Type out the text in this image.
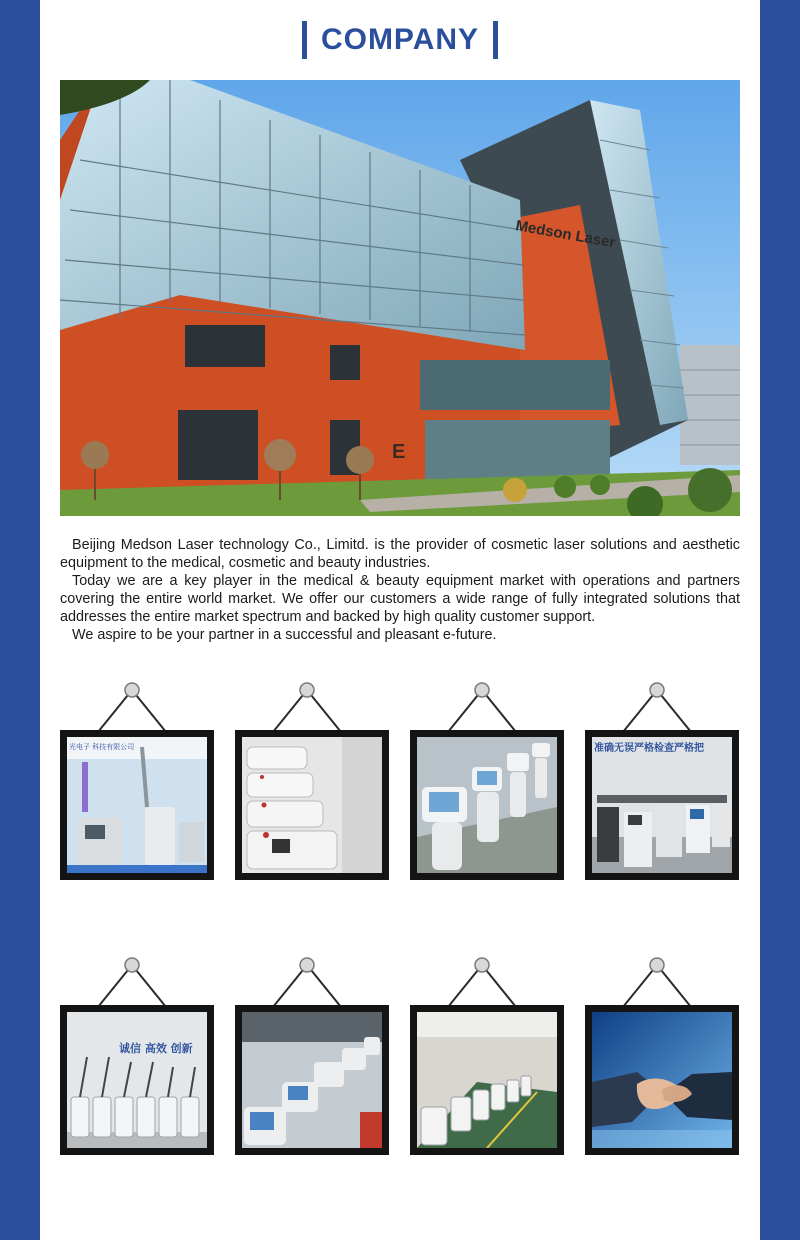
COMPANY
Medson Laser
E

Beijing Medson Laser technology Co., Limitd. is the provider of cosmetic laser solutions and aesthetic equipment to the medical, cosmetic and beauty industries.

Today we are a key player in the medical & beauty equipment market with operations and partners covering the entire world market. We offer our customers a wide range of fully integrated solutions that addresses the entire market spectrum and backed by high quality customer support.

We aspire to be your partner in a successful and pleasant e-future.

光电子 科技有限公司	准确无误严格检查严格把
诚信 高效 创新
